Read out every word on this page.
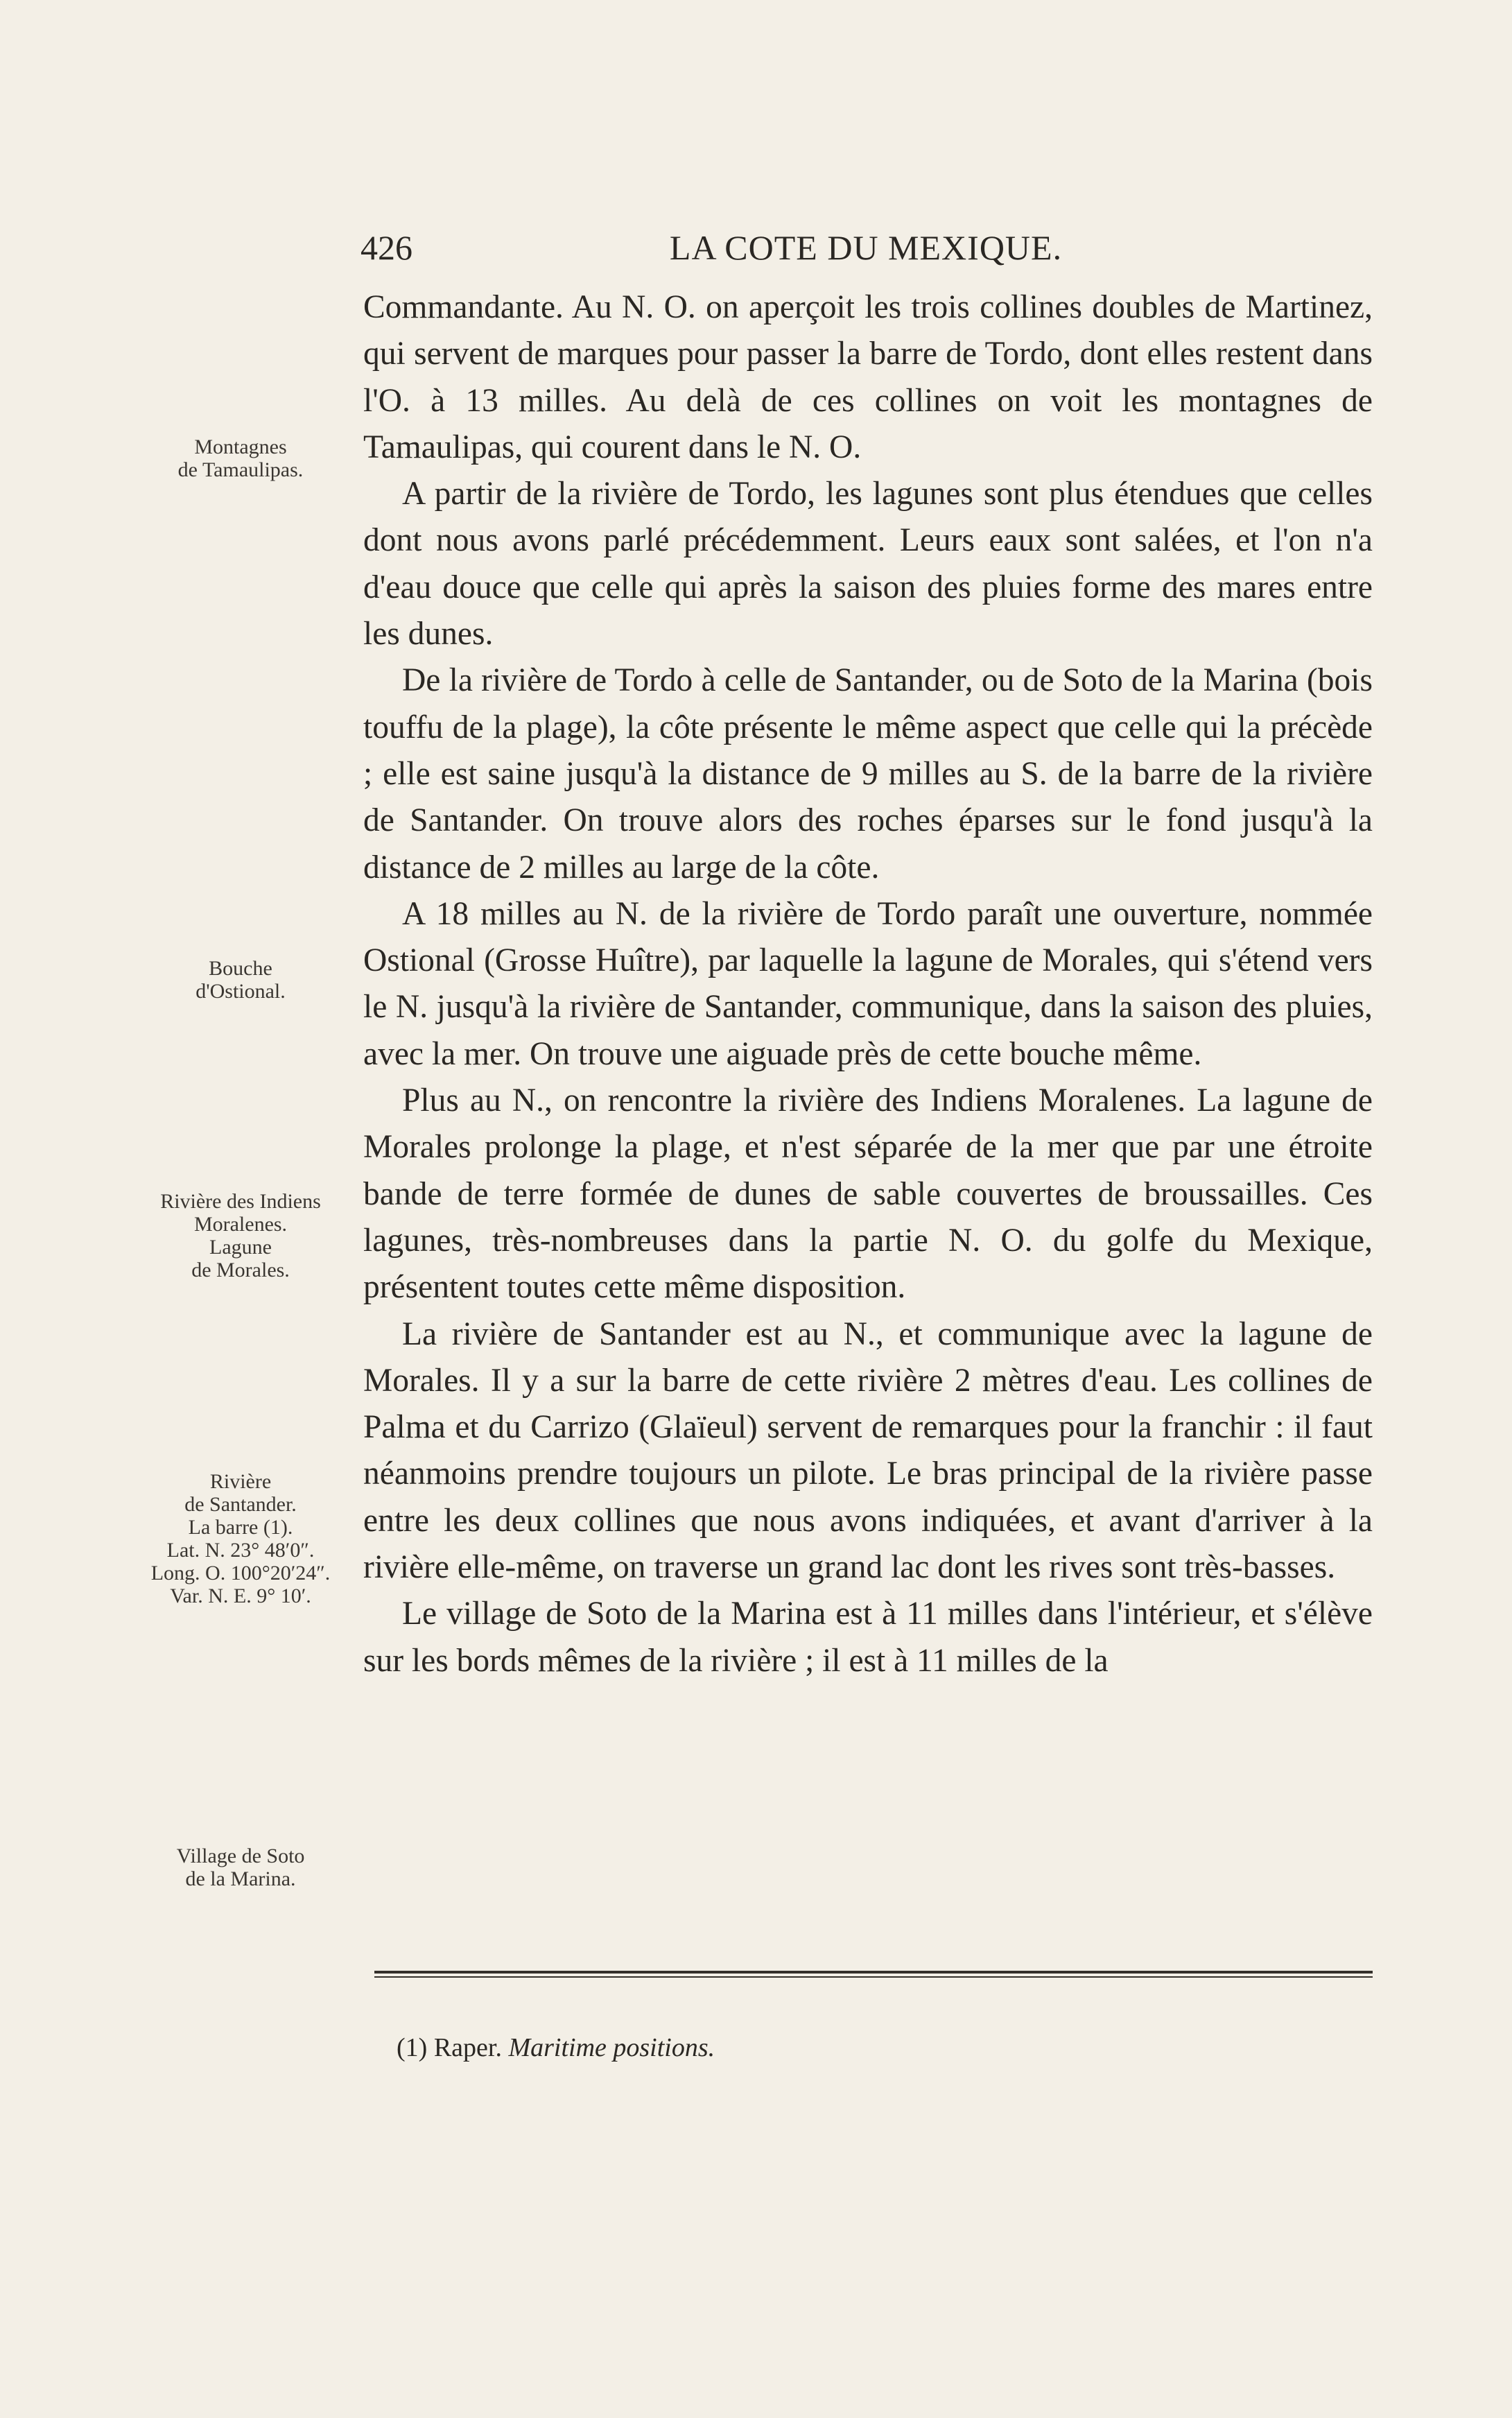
426	LA COTE DU MEXIQUE.
Montagnes
de Tamaulipas.
Bouche
d'Ostional.
Rivière des Indiens
Moralenes.
Lagune
de Morales.
Rivière
de Santander.
La barre (1).
Lat. N. 23° 48′0″.
Long. O. 100°20′24″.
Var. N. E. 9° 10′.
Village de Soto
de la Marina.

Commandante. Au N. O. on aperçoit les trois collines doubles de Martinez, qui servent de marques pour passer la barre de Tordo, dont elles restent dans l'O. à 13 milles. Au delà de ces collines on voit les montagnes de Tamaulipas, qui courent dans le N. O.

A partir de la rivière de Tordo, les lagunes sont plus étendues que celles dont nous avons parlé précédemment. Leurs eaux sont salées, et l'on n'a d'eau douce que celle qui après la saison des pluies forme des mares entre les dunes.

De la rivière de Tordo à celle de Santander, ou de Soto de la Marina (bois touffu de la plage), la côte présente le même aspect que celle qui la précède ; elle est saine jusqu'à la distance de 9 milles au S. de la barre de la rivière de Santander. On trouve alors des roches éparses sur le fond jusqu'à la distance de 2 milles au large de la côte.

A 18 milles au N. de la rivière de Tordo paraît une ouverture, nommée Ostional (Grosse Huître), par laquelle la lagune de Morales, qui s'étend vers le N. jusqu'à la rivière de Santander, communique, dans la saison des pluies, avec la mer. On trouve une aiguade près de cette bouche même.

Plus au N., on rencontre la rivière des Indiens Moralenes. La lagune de Morales prolonge la plage, et n'est séparée de la mer que par une étroite bande de terre formée de dunes de sable couvertes de broussailles. Ces lagunes, très-nombreuses dans la partie N. O. du golfe du Mexique, présentent toutes cette même disposition.

La rivière de Santander est au N., et communique avec la lagune de Morales. Il y a sur la barre de cette rivière 2 mètres d'eau. Les collines de Palma et du Carrizo (Glaïeul) servent de remarques pour la franchir : il faut néanmoins prendre toujours un pilote. Le bras principal de la rivière passe entre les deux collines que nous avons indiquées, et avant d'arriver à la rivière elle-même, on traverse un grand lac dont les rives sont très-basses.

Le village de Soto de la Marina est à 11 milles dans l'intérieur, et s'élève sur les bords mêmes de la rivière ; il est à 11 milles de la

(1) Raper. Maritime positions.
